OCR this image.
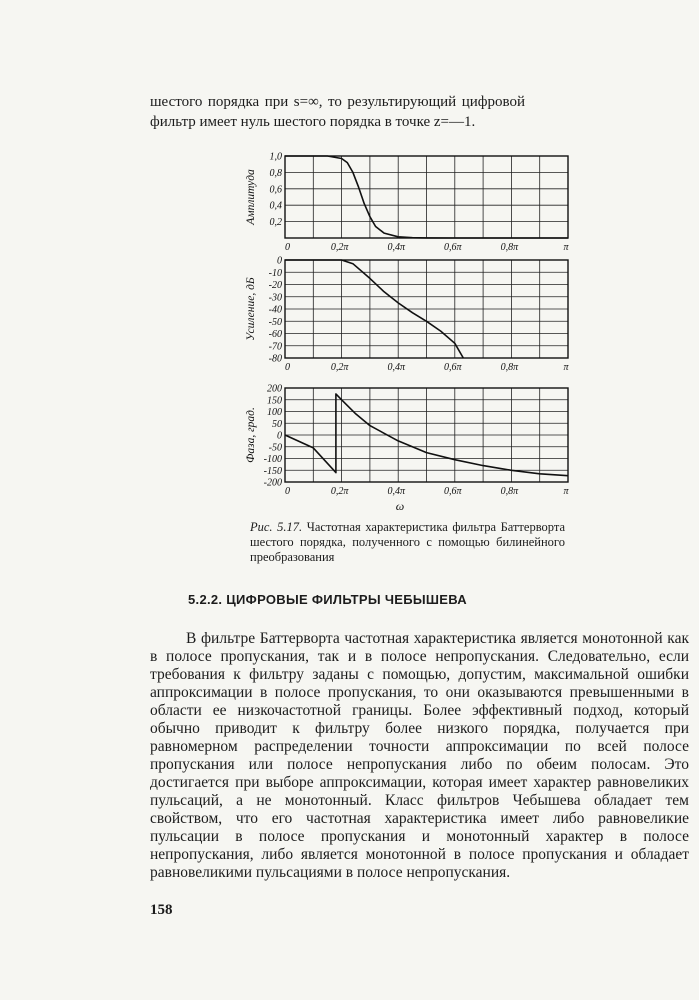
шестого порядка при s=∞, то результирующий цифровой фильтр имеет нуль шестого порядка в точке z=—1.
1,0
0,8
0,6
0,4
0,2
0	0,2π	0,4π	0,6π	0,8π	π
Амплитуда
0
-10
-20
-30
-40
-50
-60
-70
-80
0	0,2π	0,4π	0,6π	0,8π	π
Усиление, дБ
200
150
100
50
0
-50
-100
-150
-200
0	0,2π	0,4π	0,6π	0,8π	π
Фаза, град.
ω
Рис. 5.17. Частотная характеристика фильтра Баттерворта шестого порядка, полученного с помощью билинейного преобразования
5.2.2. ЦИФРОВЫЕ ФИЛЬТРЫ ЧЕБЫШЕВА

В фильтре Баттерворта частотная характеристика является монотонной как в полосе пропускания, так и в полосе непропускания. Следовательно, если требования к фильтру заданы с помощью, допустим, максимальной ошибки аппроксимации в полосе пропускания, то они оказываются превышенными в области ее низкочастотной границы. Более эффективный подход, который обычно приводит к фильтру более низкого порядка, получается при равномерном распределении точности аппроксимации по всей полосе пропускания или полосе непропускания либо по обеим полосам. Это достигается при выборе аппроксимации, которая имеет характер равновеликих пульсаций, а не монотонный. Класс фильтров Чебышева обладает тем свойством, что его частотная характеристика имеет либо равновеликие пульсации в полосе пропускания и монотонный характер в полосе непропускания, либо является монотонной в полосе пропускания и обладает равновеликими пульсациями в полосе непропускания.

158
